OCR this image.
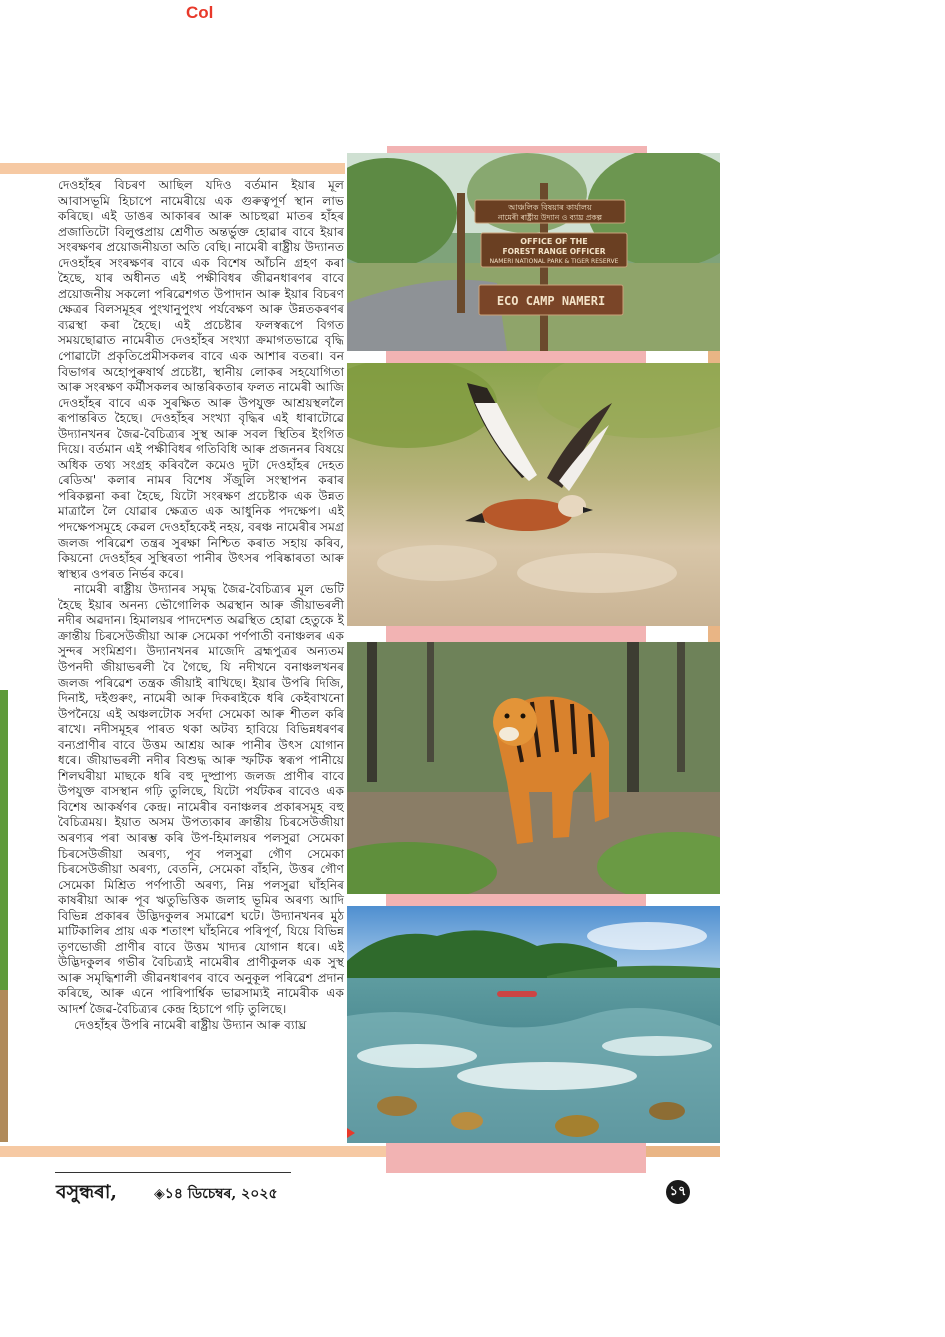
Col

দেওহাঁহৰ বিচৰণ আছিল যদিও বৰ্তমান ইয়াৰ মূল আবাসভূমি হিচাপে নামেৰীয়ে এক গুৰুত্বপূৰ্ণ স্থান লাভ কৰিছে। এই ডাঙৰ আকাৰৰ আৰু আচহুৱা মাতৰ হাঁহৰ প্ৰজাতিটো বিলুপ্তপ্ৰায় শ্ৰেণীত অন্তৰ্ভুক্ত হোৱাৰ বাবে ইয়াৰ সংৰক্ষণৰ প্ৰয়োজনীয়তা অতি বেছি। নামেৰী ৰাষ্ট্ৰীয় উদ্যানত দেওহাঁহৰ সংৰক্ষণৰ বাবে এক বিশেষ আঁচনি গ্ৰহণ কৰা হৈছে, যাৰ অধীনত এই পক্ষীবিধৰ জীৱনধাৰণৰ বাবে প্ৰয়োজনীয় সকলো পৰিৱেশগত উপাদান আৰু ইয়াৰ বিচৰণ ক্ষেত্ৰৰ বিলসমূহৰ পুংখানুপুংখ পৰ্যবেক্ষণ আৰু উন্নতকৰণৰ ব্যৱস্থা কৰা হৈছে। এই প্ৰচেষ্টাৰ ফলস্বৰূপে বিগত সময়ছোৱাত নামেৰীত দেওহাঁহৰ সংখ্যা ক্ৰমাগতভাৱে বৃদ্ধি পোৱাটো প্ৰকৃতিপ্ৰেমীসকলৰ বাবে এক আশাৰ বতৰা। বন বিভাগৰ অহোপুৰুষাৰ্থ প্ৰচেষ্টা, স্থানীয় লোকৰ সহযোগিতা আৰু সংৰক্ষণ কৰ্মীসকলৰ আন্তৰিকতাৰ ফলত নামেৰী আজি দেওহাঁহৰ বাবে এক সুৰক্ষিত আৰু উপযুক্ত আশ্ৰয়স্থললৈ ৰূপান্তৰিত হৈছে। দেওহাঁহৰ সংখ্যা বৃদ্ধিৰ এই ধাৰাটোৱে উদ্যানখনৰ জৈৱ-বৈচিত্ৰ্যৰ সুস্থ আৰু সবল স্থিতিৰ ইংগিত দিয়ে। বৰ্তমান এই পক্ষীবিধৰ গতিবিধি আৰু প্ৰজননৰ বিষয়ে অধিক তথ্য সংগ্ৰহ কৰিবলৈ কমেও দুটা দেওহাঁহৰ দেহত ৰেডিঅ' কলাৰ নামৰ বিশেষ সঁজুলি সংস্থাপন কৰাৰ পৰিকল্পনা কৰা হৈছে, যিটো সংৰক্ষণ প্ৰচেষ্টাক এক উন্নত মাত্ৰালৈ লৈ যোৱাৰ ক্ষেত্ৰত এক আধুনিক পদক্ষেপ। এই পদক্ষেপসমূহে কেৱল দেওহাঁহকেই নহয়, বৰঞ্চ নামেৰীৰ সমগ্ৰ জলজ পৰিৱেশ তন্ত্ৰৰ সুৰক্ষা নিশ্চিত কৰাত সহায় কৰিব, কিয়নো দেওহাঁহৰ সুস্থিৰতা পানীৰ উৎসৰ পৰিষ্কাৰতা আৰু স্বাস্থ্যৰ ওপৰত নিৰ্ভৰ কৰে।

নামেৰী ৰাষ্ট্ৰীয় উদ্যানৰ সমৃদ্ধ জৈৱ-বৈচিত্ৰ্যৰ মূল ভেটি হৈছে ইয়াৰ অনন্য ভৌগোলিক অৱস্থান আৰু জীয়াভৰলী নদীৰ অৱদান। হিমালয়ৰ পাদদেশত অৱস্থিত হোৱা হেতুকে ই ক্ৰান্তীয় চিৰসেউজীয়া আৰু সেমেকা পৰ্ণপাতী বনাঞ্চলৰ এক সুন্দৰ সংমিশ্ৰণ। উদ্যানখনৰ মাজেদি ব্ৰহ্মপুত্ৰৰ অন্যতম উপনদী জীয়াভৰলী বৈ গৈছে, যি নদীখনে বনাঞ্চলখনৰ জলজ পৰিৱেশ তন্ত্ৰক জীয়াই ৰাখিছে। ইয়াৰ উপৰি দিজি, দিনাই, দইগুৰুং, নামেৰী আৰু দিকৰাইকে ধৰি কেইবাখনো উপনৈয়ে এই অঞ্চলটোক সৰ্বদা সেমেকা আৰু শীতল কৰি ৰাখে। নদীসমূহৰ পাৰত থকা অটব্য হাবিয়ে বিভিন্নধৰণৰ বন্যপ্ৰাণীৰ বাবে উত্তম আশ্ৰয় আৰু পানীৰ উৎস যোগান ধৰে। জীয়াভৰলী নদীৰ বিশুদ্ধ আৰু স্ফটিক স্বৰূপ পানীয়ে শিলঘৰীয়া মাছকে ধৰি বহু দুষ্প্ৰাপ্য জলজ প্ৰাণীৰ বাবে উপযুক্ত বাসস্থান গঢ়ি তুলিছে, যিটো পৰ্যটকৰ বাবেও এক বিশেষ আকৰ্ষণৰ কেন্দ্ৰ। নামেৰীৰ বনাঞ্চলৰ প্ৰকাৰসমূহ বহু বৈচিত্ৰময়। ইয়াত অসম উপত্যকাৰ ক্ৰান্তীয় চিৰসেউজীয়া অৰণ্যৰ পৰা আৰম্ভ কৰি উপ-হিমালয়ৰ পলসুৱা সেমেকা চিৰসেউজীয়া অৰণ্য, পূব পলসুৱা গৌণ সেমেকা চিৰসেউজীয়া অৰণ্য, বেতনি, সেমেকা বাঁহনি, উত্তৰ গৌণ সেমেকা মিশ্ৰিত পৰ্ণপাতী অৰণ্য, নিম্ন পলসুৱা ঘাঁহনিৰ কাষৰীয়া আৰু পূব ঋতুভিত্তিক জলাহ ভূমিৰ অৰণ্য আদি বিভিন্ন প্ৰকাৰৰ উদ্ভিদকুলৰ সমাৱেশ ঘটে। উদ্যানখনৰ মুঠ মাটিকালিৰ প্ৰায় এক শতাংশ ঘাঁহনিৰে পৰিপূৰ্ণ, যিয়ে বিভিন্ন তৃণভোজী প্ৰাণীৰ বাবে উত্তম খাদ্যৰ যোগান ধৰে। এই উদ্ভিদকুলৰ গভীৰ বৈচিত্ৰ্যই নামেৰীৰ প্ৰাণীকুলক এক সুস্থ আৰু সমৃদ্ধিশালী জীৱনধাৰণৰ বাবে অনুকূল পৰিৱেশ প্ৰদান কৰিছে, আৰু এনে পাৰিপাৰ্শ্বিক ভাৱসাম্যই নামেৰীক এক আদৰ্শ জৈৱ-বৈচিত্ৰ্যৰ কেন্দ্ৰ হিচাপে গঢ়ি তুলিছে।

দেওহাঁহৰ উপৰি নামেৰী ৰাষ্ট্ৰীয় উদ্যান আৰু ব্যাঘ্ৰ

আঞ্চলিক বিষয়াৰ কাৰ্যালয়
নামেৰী ৰাষ্ট্ৰীয় উদ্যান ও ব্যাঘ্ৰ প্ৰকল্প
OFFICE OF THE
FOREST RANGE OFFICER
NAMERI NATIONAL PARK & TIGER RESERVE
ECO CAMP NAMERI
বসুন্ধৰা,	◈১৪ ডিচেম্বৰ, ২০২৫	১৭
